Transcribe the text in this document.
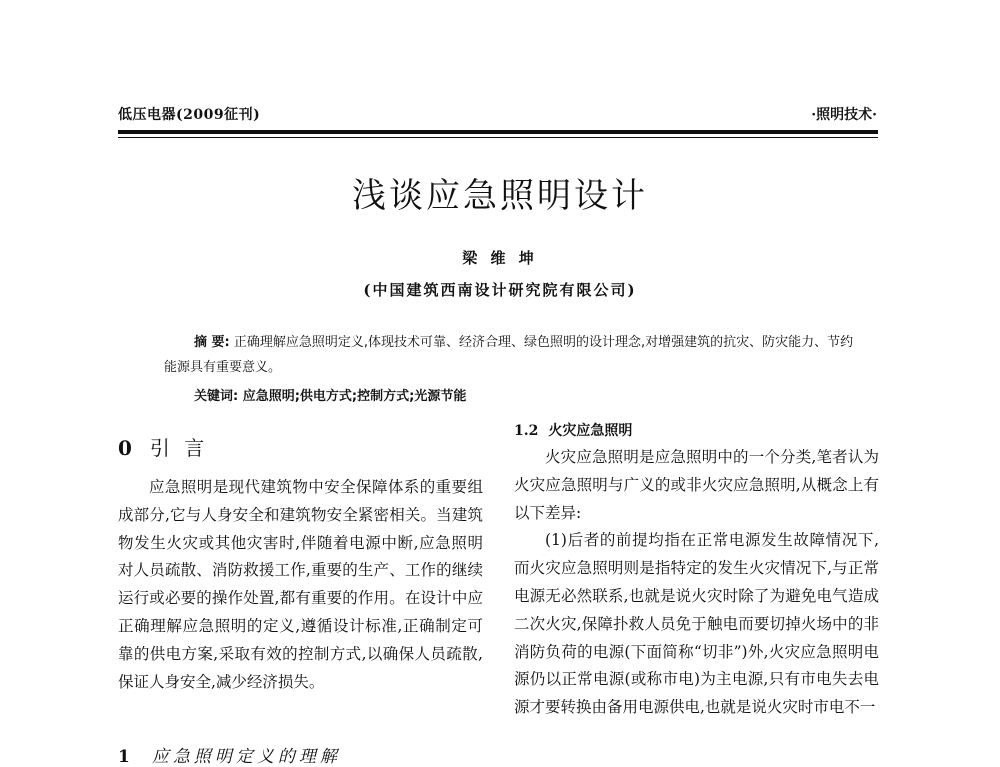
低压电器(2009征刊)	·照明技术·
浅谈应急照明设计
梁 维 坤
(中国建筑西南设计研究院有限公司)
摘 要: 正确理解应急照明定义,体现技术可靠、经济合理、绿色照明的设计理念,对增强建筑的抗灾、防灾能力、节约能源具有重要意义。
关键词: 应急照明;供电方式;控制方式;光源节能
0 引 言

应急照明是现代建筑物中安全保障体系的重要组成部分,它与人身安全和建筑物安全紧密相关。当建筑物发生火灾或其他灾害时,伴随着电源中断,应急照明对人员疏散、消防救援工作,重要的生产、工作的继续运行或必要的操作处置,都有重要的作用。在设计中应正确理解应急照明的定义,遵循设计标准,正确制定可靠的供电方案,采取有效的控制方式,以确保人员疏散,保证人身安全,减少经济损失。

1 应急照明定义的理解
1.2 火灾应急照明

火灾应急照明是应急照明中的一个分类,笔者认为火灾应急照明与广义的或非火灾应急照明,从概念上有以下差异:

(1)后者的前提均指在正常电源发生故障情况下,而火灾应急照明则是指特定的发生火灾情况下,与正常电源无必然联系,也就是说火灾时除了为避免电气造成二次火灾,保障扑救人员免于触电而要切掉火场中的非消防负荷的电源(下面简称“切非”)外,火灾应急照明电源仍以正常电源(或称市电)为主电源,只有市电失去电源才要转换由备用电源供电,也就是说火灾时市电不一
